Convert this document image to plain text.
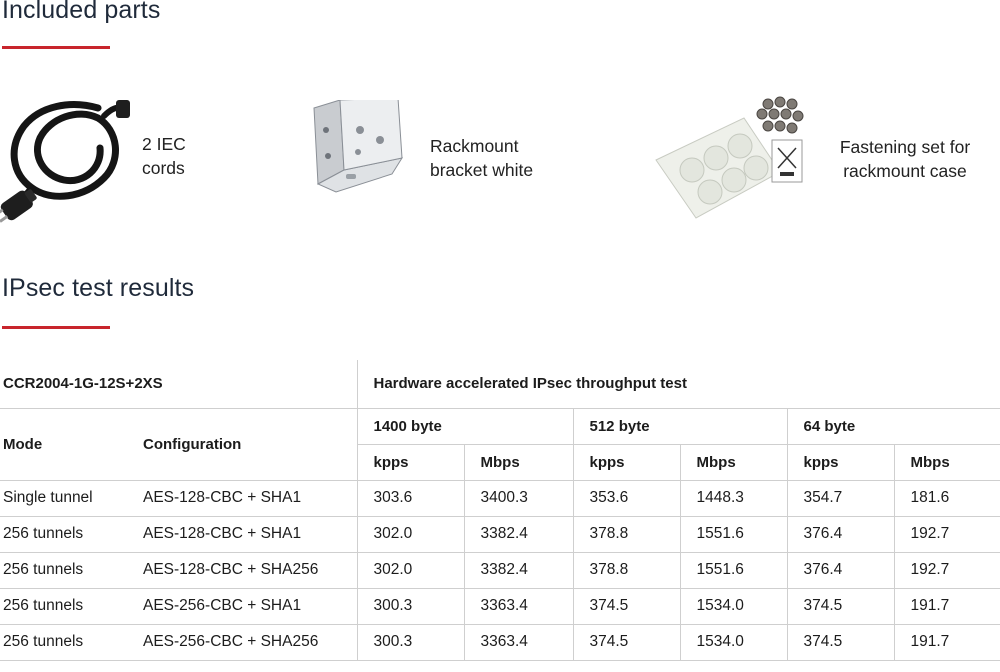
Included parts
2 IEC
cords
Rackmount
bracket white
Fastening set for
rackmount case
IPsec test results
CCR2004-1G-12S+2XS		Hardware accelerated IPsec throughput test					
Mode	Configuration	1400 byte		512 byte		64 byte	
		kpps	Mbps	kpps	Mbps	kpps	Mbps
Single tunnel	AES-128-CBC + SHA1	303.6	3400.3	353.6	1448.3	354.7	181.6
256 tunnels	AES-128-CBC + SHA1	302.0	3382.4	378.8	1551.6	376.4	192.7
256 tunnels	AES-128-CBC + SHA256	302.0	3382.4	378.8	1551.6	376.4	192.7
256 tunnels	AES-256-CBC + SHA1	300.3	3363.4	374.5	1534.0	374.5	191.7
256 tunnels	AES-256-CBC + SHA256	300.3	3363.4	374.5	1534.0	374.5	191.7
